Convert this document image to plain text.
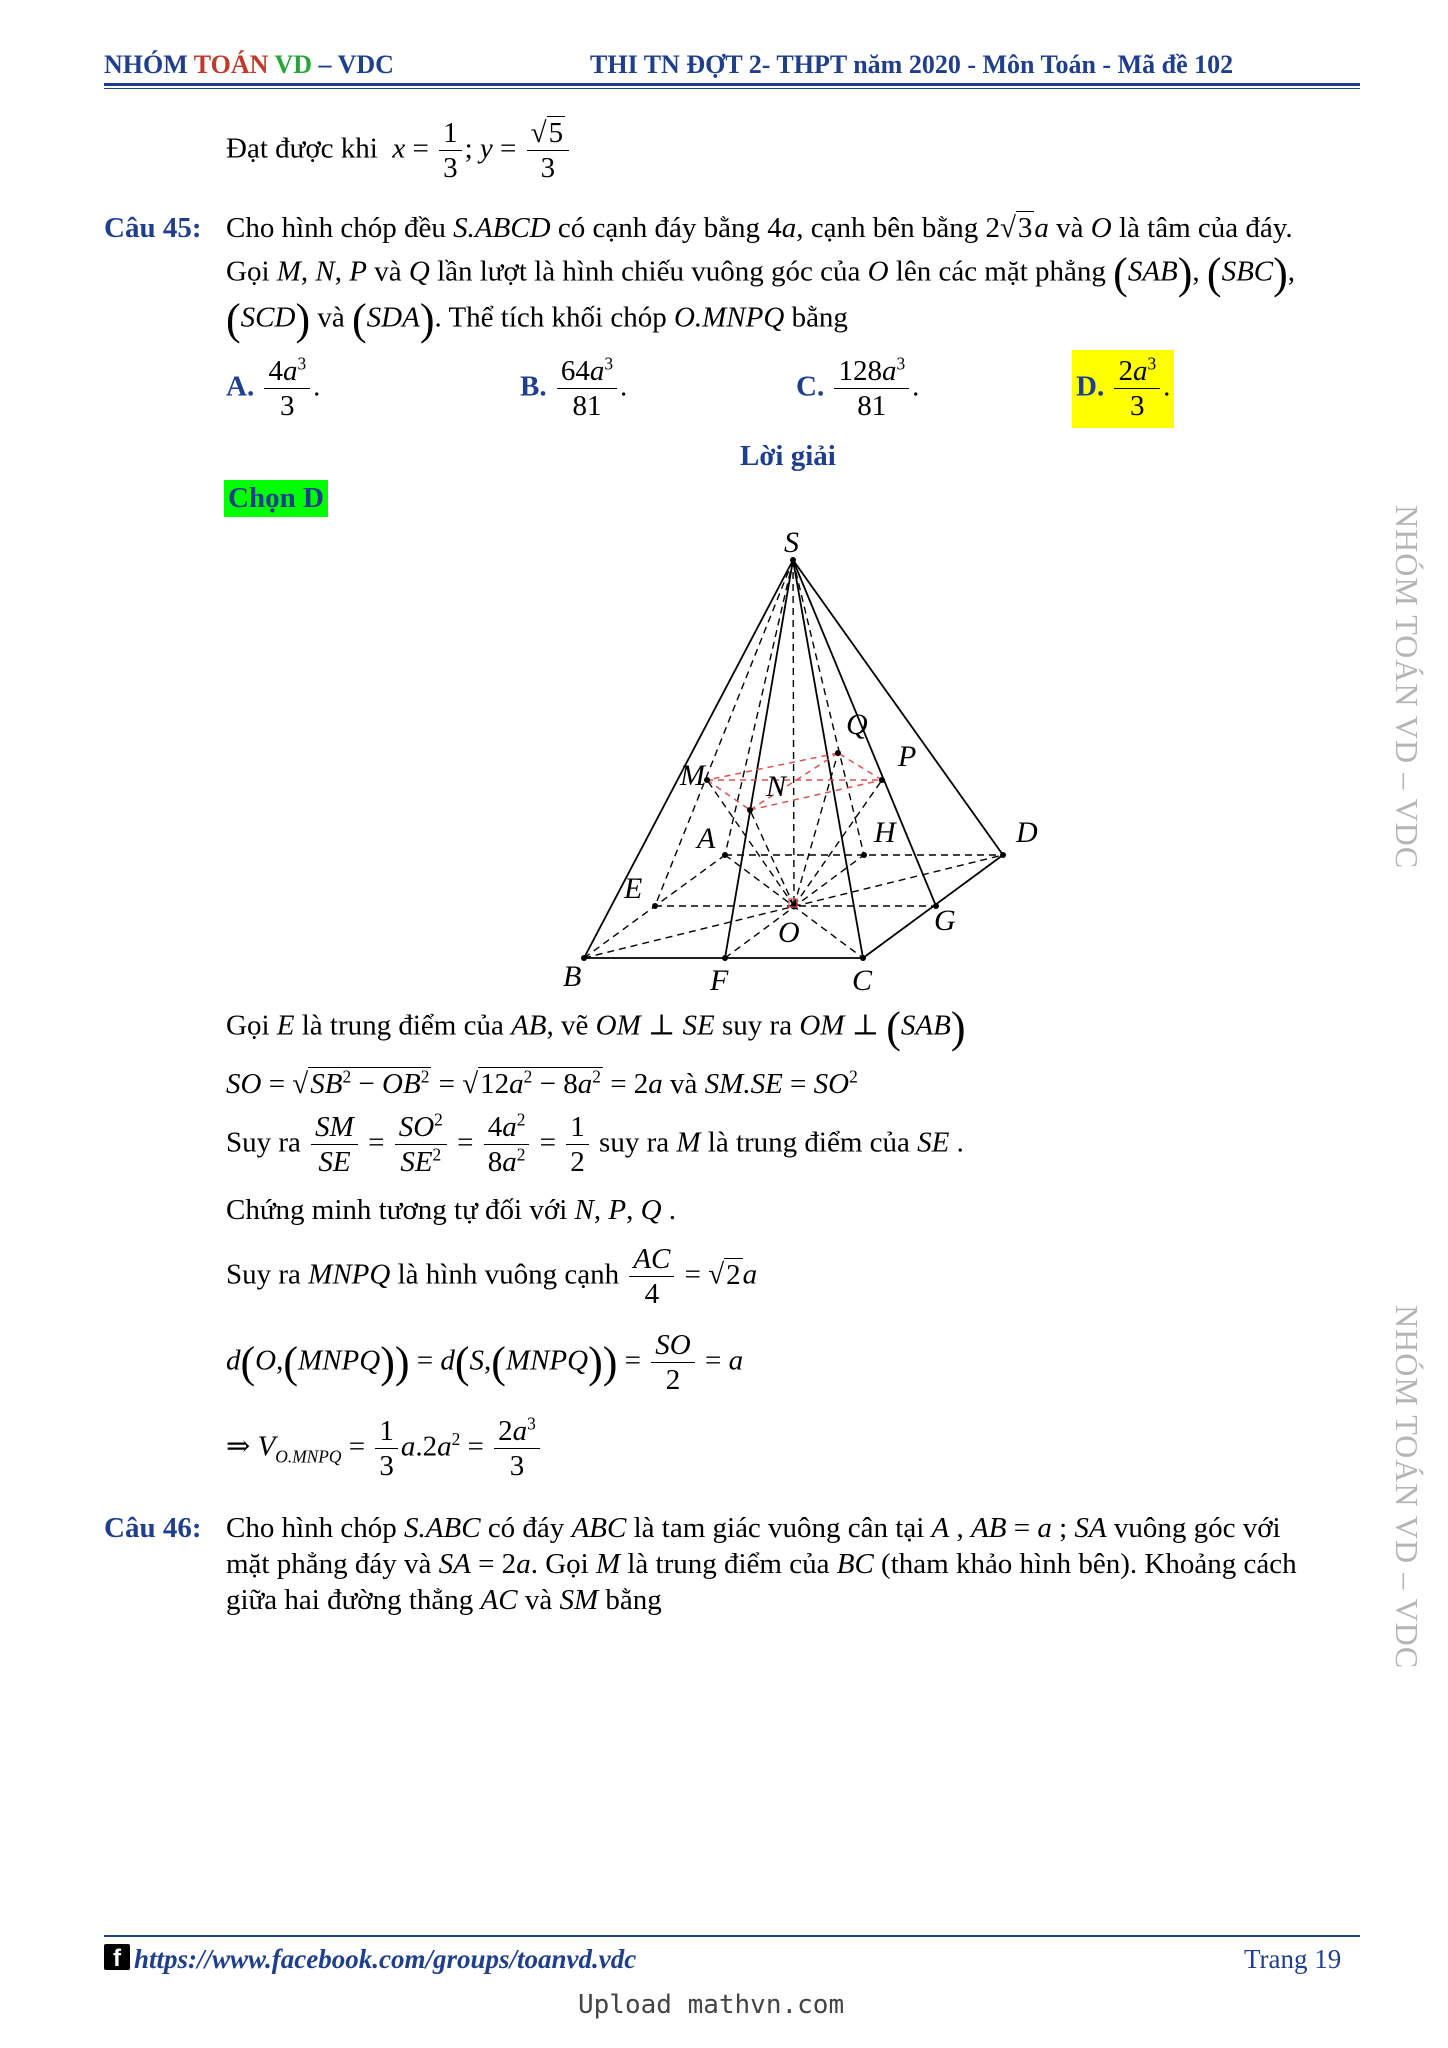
NHÓM TOÁN VD – VDC	THI TN ĐỢT 2- THPT năm 2020 - Môn Toán - Mã đề 102
Đạt được khi $x = \frac{1}{3}$ ; $y = \frac{√5}{3}$
Câu 45: Cho hình chóp đều S.ABCD có cạnh đáy bằng 4a, cạnh bên bằng 2√3a và O là tâm của đáy.
Gọi M, N, P và Q lần lượt là hình chiếu vuông góc của O lên các mặt phẳng (SAB), (SBC),
(SCD) và (SDA). Thể tích khối chóp O.MNPQ bằng
A. $\frac{4a^3}{3}$ .	B. $\frac{64a^3}{81}$ .	C. $\frac{128a^3}{81}$ .	D. $\frac{2a^3}{3}$ .
Lời giải
Chọn D
S
Q
P
M N
A	H	D
E
O	G
B	F	C
Gọi E là trung điểm của AB, vẽ OM ⊥ SE suy ra OM ⊥ (SAB)
SO = $√SB^2 - OB^2 = √12a^2 - 8a^2 = 2a$ và $SM.SE = SO^2$
Suy ra $\frac{SM}{SE} = \frac{SO^2}{SE^2} = \frac{4a^2}{8a^2} = \frac{1}{2}$ suy ra M là trung điểm của SE .
Chứng minh tương tự đối với N, P, Q .
Suy ra MNPQ là hình vuông cạnh $\frac{AC}{4} = √2a$
d(O,(MNPQ)) = d(S,(MNPQ)) = $\frac{SO}{2} = a$
⇒ $V_{O.MNPQ} = \frac{1}{3} a.2a^2 = \frac{2a^3}{3}$
Câu 46: Cho hình chóp S.ABC có đáy ABC là tam giác vuông cân tại A , AB = a ; SA vuông góc với
mặt phẳng đáy và SA = 2a. Gọi M là trung điểm của BC (tham khảo hình bên). Khoảng cách
giữa hai đường thẳng AC và SM bằng
NHÓM TOÁN VD – VDC
NHÓM TOÁN VD – VDC
f https://www.facebook.com/groups/toanvd.vdc	Trang 19
Upload mathvn.com
